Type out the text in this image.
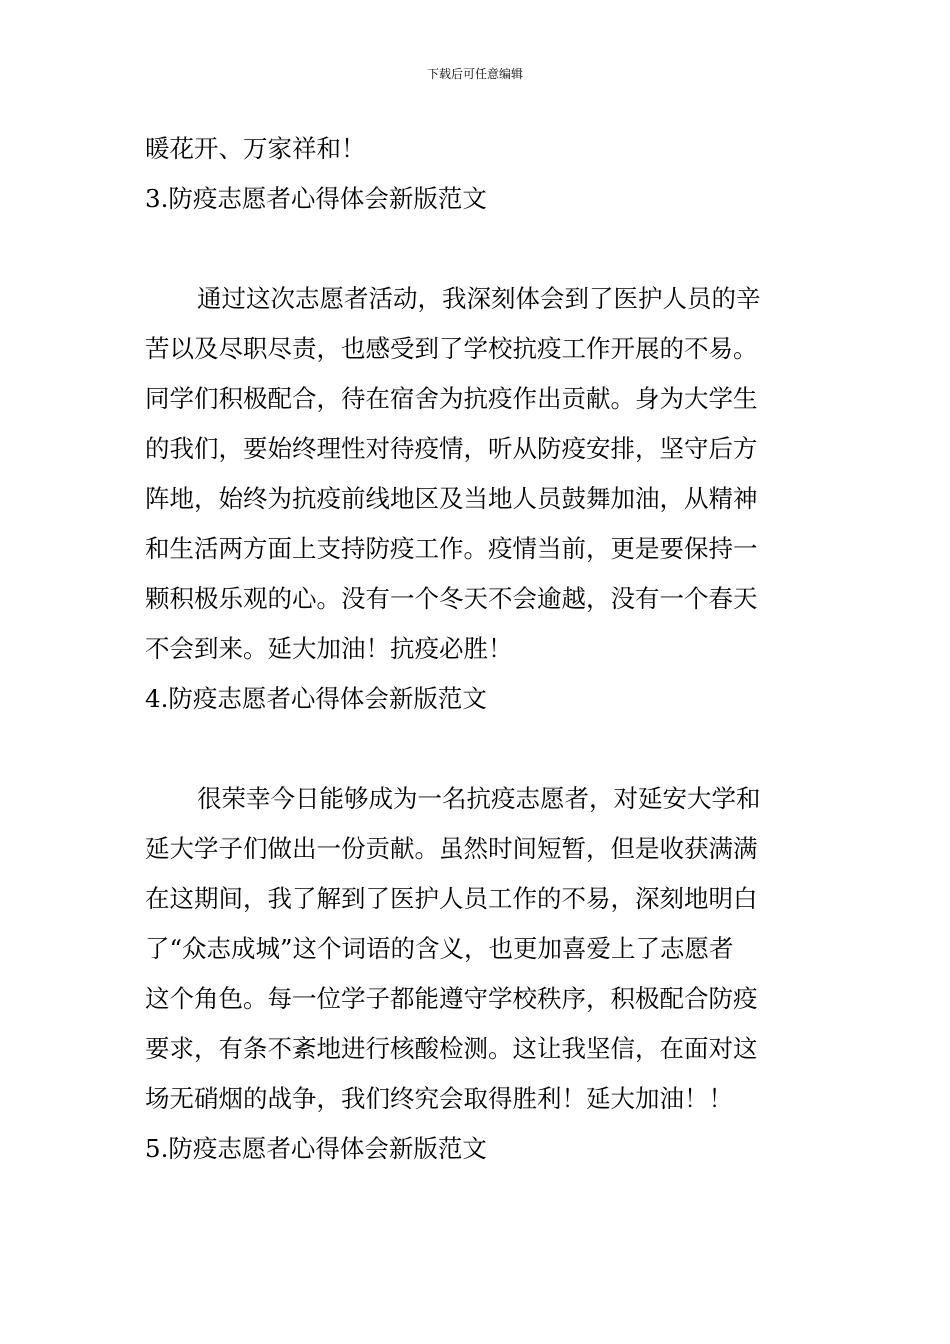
下载后可任意编辑

暖花开、万家祥和！

3.防疫志愿者心得体会新版范文

通过这次志愿者活动，我深刻体会到了医护人员的辛

苦以及尽职尽责，也感受到了学校抗疫工作开展的不易。

同学们积极配合，待在宿舍为抗疫作出贡献。身为大学生

的我们，要始终理性对待疫情，听从防疫安排，坚守后方

阵地，始终为抗疫前线地区及当地人员鼓舞加油，从精神

和生活两方面上支持防疫工作。疫情当前，更是要保持一

颗积极乐观的心。没有一个冬天不会逾越，没有一个春天

不会到来。延大加油！抗疫必胜！

4.防疫志愿者心得体会新版范文

很荣幸今日能够成为一名抗疫志愿者，对延安大学和

延大学子们做出一份贡献。虽然时间短暂，但是收获满满

在这期间，我了解到了医护人员工作的不易，深刻地明白

了“众志成城”这个词语的含义，也更加喜爱上了志愿者

这个角色。每一位学子都能遵守学校秩序，积极配合防疫

要求，有条不紊地进行核酸检测。这让我坚信，在面对这

场无硝烟的战争，我们终究会取得胜利！延大加油！！

5.防疫志愿者心得体会新版范文
